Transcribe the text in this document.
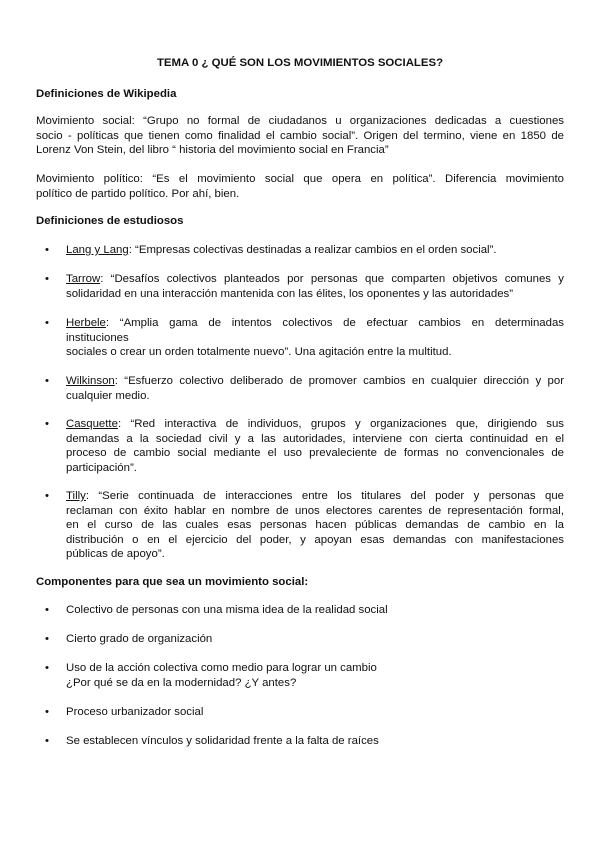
TEMA 0 ¿ QUÉ SON LOS MOVIMIENTOS SOCIALES?
Definiciones de Wikipedia
Movimiento social: “Grupo no formal de ciudadanos u organizaciones dedicadas a cuestiones
socio - políticas que tienen como finalidad el cambio social”. Origen del termino, viene en 1850 de
Lorenz Von Stein, del libro “ historia del movimiento social en Francia”
Movimiento político: “Es el movimiento social que opera en política”. Diferencia movimiento
político de partido político. Por ahí, bien.
Definiciones de estudiosos
•	Lang y Lang: “Empresas colectivas destinadas a realizar cambios en el orden social”.
•	Tarrow: “Desafíos colectivos planteados por personas que comparten objetivos comunes y
solidaridad en una interacción mantenida con las élites, los oponentes y las autoridades”
•	Herbele: “Amplia gama de intentos colectivos de efectuar cambios en determinadas
instituciones
sociales o crear un orden totalmente nuevo”. Una agitación entre la multitud.
•	Wilkinson: “Esfuerzo colectivo deliberado de promover cambios en cualquier dirección y por
cualquier medio.
•	Casquette: “Red interactiva de individuos, grupos y organizaciones que, dirigiendo sus
demandas a la sociedad civil y a las autoridades, interviene con cierta continuidad en el
proceso de cambio social mediante el uso prevaleciente de formas no convencionales de
participación”.
•	Tilly: “Serie continuada de interacciones entre los titulares del poder y personas que
reclaman con éxito hablar en nombre de unos electores carentes de representación formal,
en el curso de las cuales esas personas hacen públicas demandas de cambio en la
distribución o en el ejercicio del poder, y apoyan esas demandas con manifestaciones
públicas de apoyo”.
Componentes para que sea un movimiento social:
•	Colectivo de personas con una misma idea de la realidad social
•	Cierto grado de organización
•	Uso de la acción colectiva como medio para lograr un cambio
¿Por qué se da en la modernidad? ¿Y antes?
•	Proceso urbanizador social
•	Se establecen vínculos y solidaridad frente a la falta de raíces
